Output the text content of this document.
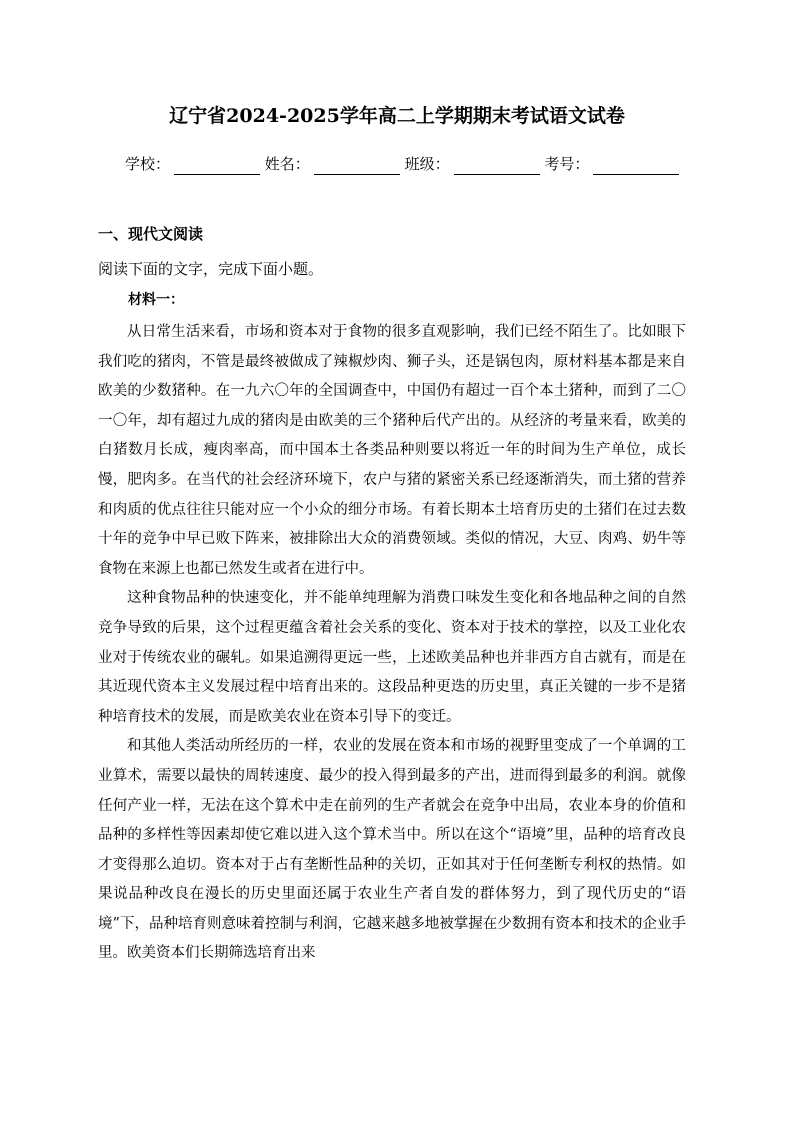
辽宁省2024-2025学年高二上学期期末考试语文试卷
学校：	姓名：	班级：	考号：
一、现代文阅读
阅读下面的文字，完成下面小题。
材料一：

从日常生活来看，市场和资本对于食物的很多直观影响，我们已经不陌生了。比如眼下我们吃的猪肉，不管是最终被做成了辣椒炒肉、狮子头，还是锅包肉，原材料基本都是来自欧美的少数猪种。在一九六〇年的全国调查中，中国仍有超过一百个本土猪种，而到了二〇一〇年，却有超过九成的猪肉是由欧美的三个猪种后代产出的。从经济的考量来看，欧美的白猪数月长成，瘦肉率高，而中国本土各类品种则要以将近一年的时间为生产单位，成长慢，肥肉多。在当代的社会经济环境下，农户与猪的紧密关系已经逐渐消失，而土猪的营养和肉质的优点往往只能对应一个小众的细分市场。有着长期本土培育历史的土猪们在过去数十年的竞争中早已败下阵来，被排除出大众的消费领域。类似的情况，大豆、肉鸡、奶牛等食物在来源上也都已然发生或者在进行中。

这种食物品种的快速变化，并不能单纯理解为消费口味发生变化和各地品种之间的自然竞争导致的后果，这个过程更蕴含着社会关系的变化、资本对于技术的掌控，以及工业化农业对于传统农业的碾轧。如果追溯得更远一些，上述欧美品种也并非西方自古就有，而是在其近现代资本主义发展过程中培育出来的。这段品种更迭的历史里，真正关键的一步不是猪种培育技术的发展，而是欧美农业在资本引导下的变迁。

和其他人类活动所经历的一样，农业的发展在资本和市场的视野里变成了一个单调的工业算术，需要以最快的周转速度、最少的投入得到最多的产出，进而得到最多的利润。就像任何产业一样，无法在这个算术中走在前列的生产者就会在竞争中出局，农业本身的价值和品种的多样性等因素却使它难以进入这个算术当中。所以在这个“语境”里，品种的培育改良才变得那么迫切。资本对于占有垄断性品种的关切，正如其对于任何垄断专利权的热情。如果说品种改良在漫长的历史里面还属于农业生产者自发的群体努力，到了现代历史的“语境”下，品种培育则意味着控制与利润，它越来越多地被掌握在少数拥有资本和技术的企业手里。欧美资本们长期筛选培育出来
